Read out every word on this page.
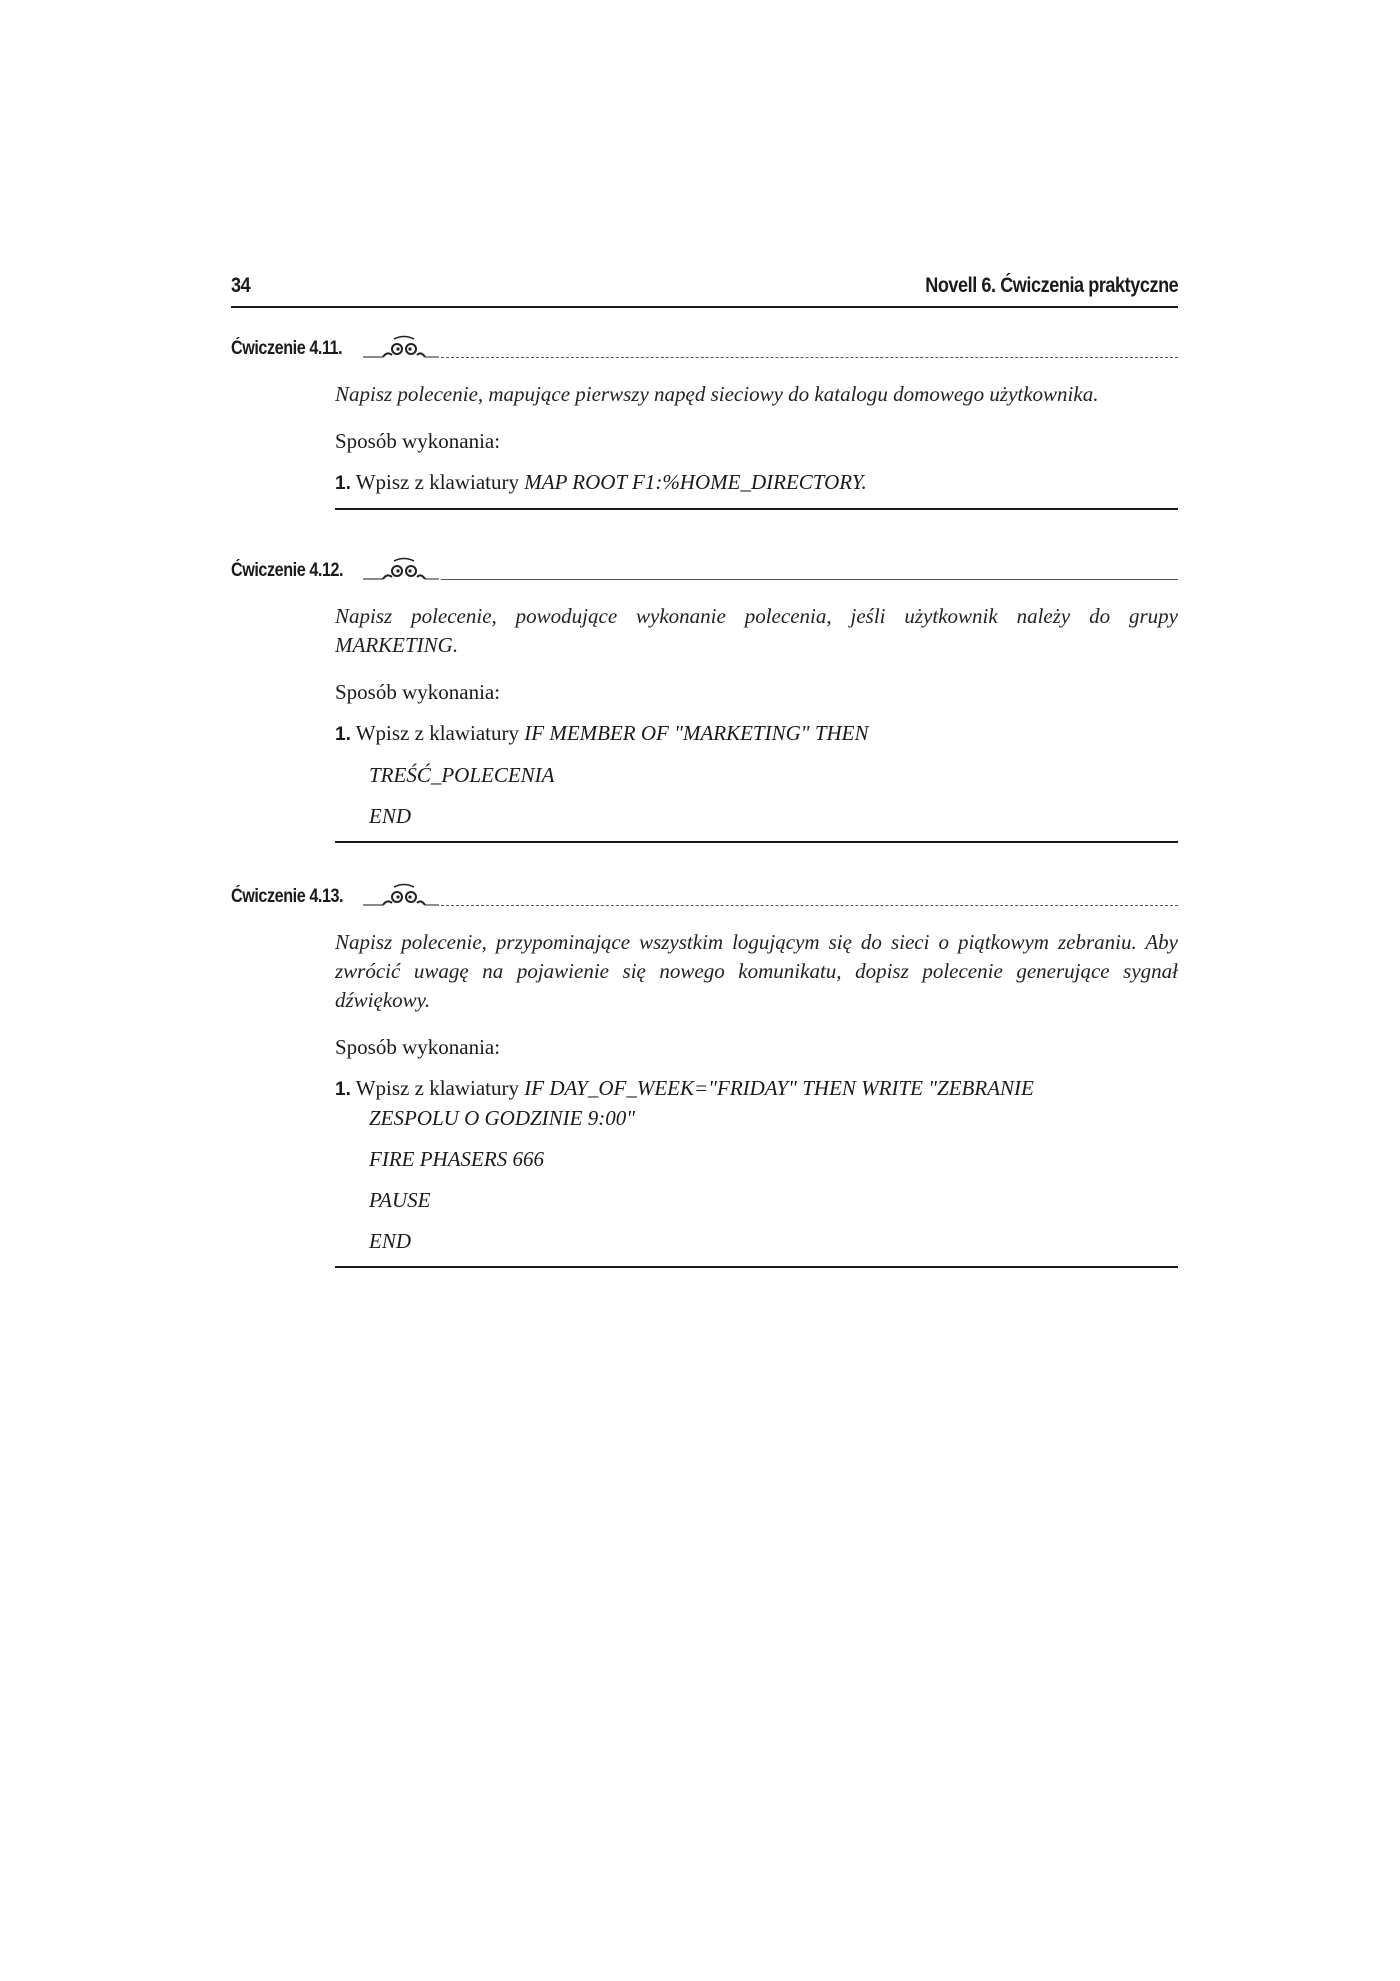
34	Novell 6. Ćwiczenia praktyczne
Ćwiczenie 4.11.

Napisz polecenie, mapujące pierwszy napęd sieciowy do katalogu domowego użytkownika.

Sposób wykonania:

1. Wpisz z klawiatury MAP ROOT F1:%HOME_DIRECTORY.

Ćwiczenie 4.12.

Napisz polecenie, powodujące wykonanie polecenia, jeśli użytkownik należy do grupy MARKETING.

Sposób wykonania:

1. Wpisz z klawiatury IF MEMBER OF "MARKETING" THEN

TREŚĆ_POLECENIA

END

Ćwiczenie 4.13.

Napisz polecenie, przypominające wszystkim logującym się do sieci o piątkowym zebraniu. Aby zwrócić uwagę na pojawienie się nowego komunikatu, dopisz polecenie generujące sygnał dźwiękowy.

Sposób wykonania:

1. Wpisz z klawiatury IF DAY_OF_WEEK="FRIDAY" THEN WRITE "ZEBRANIE
ZESPOLU O GODZINIE 9:00"

FIRE PHASERS 666

PAUSE

END
